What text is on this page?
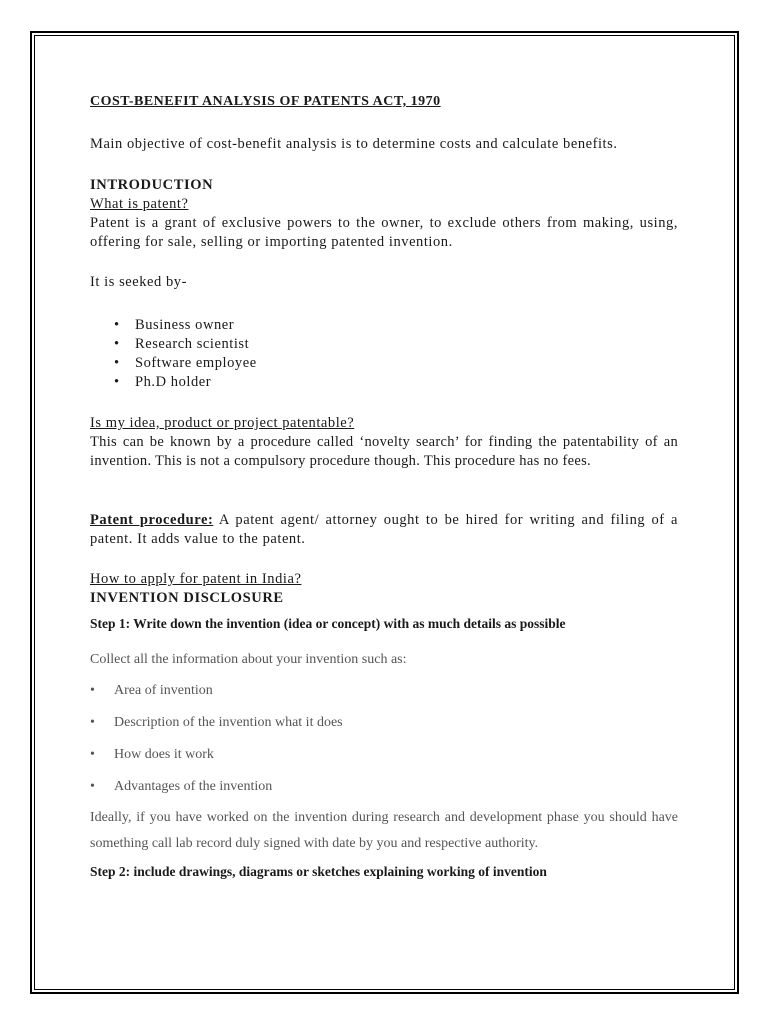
COST-BENEFIT ANALYSIS OF PATENTS ACT, 1970

Main objective of cost-benefit analysis is to determine costs and calculate benefits.

INTRODUCTION

What is patent?

Patent is a grant of exclusive powers to the owner, to exclude others from making, using, offering for sale, selling or importing patented invention.

It is seeked by-

• Business owner
• Research scientist
• Software employee
• Ph.D holder

Is my idea, product or project patentable?

This can be known by a procedure called ‘novelty search’ for finding the patentability of an invention. This is not a compulsory procedure though. This procedure has no fees.

Patent procedure: A patent agent/ attorney ought to be hired for writing and filing of a patent. It adds value to the patent.

How to apply for patent in India?

INVENTION DISCLOSURE

Step 1: Write down the invention (idea or concept) with as much details as possible

Collect all the information about your invention such as:

• Area of invention
• Description of the invention what it does
• How does it work
• Advantages of the invention

Ideally, if you have worked on the invention during research and development phase you should have something call lab record duly signed with date by you and respective authority.

Step 2: include drawings, diagrams or sketches explaining working of invention
